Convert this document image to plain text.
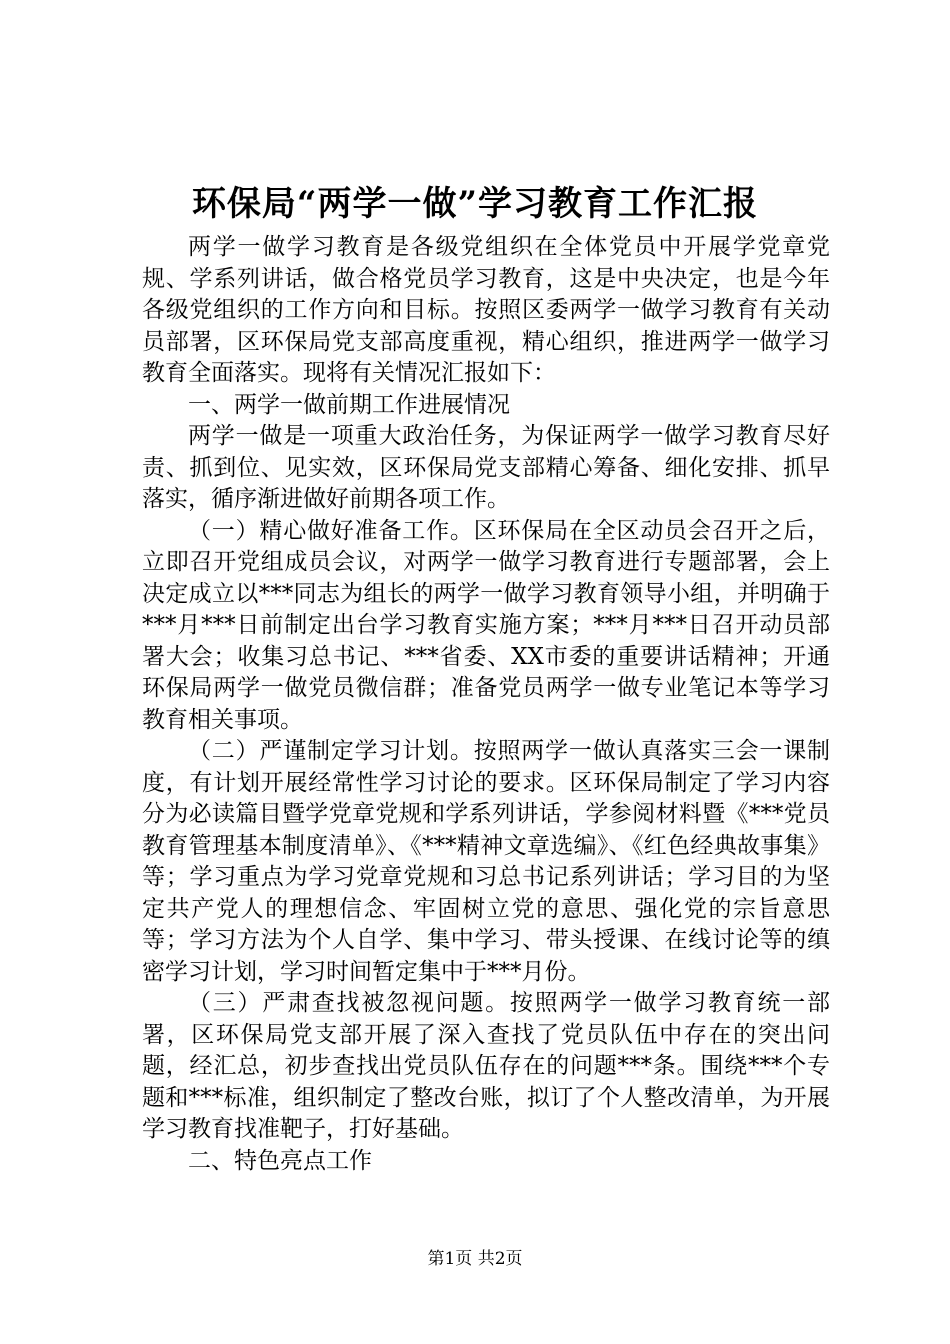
环保局“两学一做”学习教育工作汇报

两学一做学习教育是各级党组织在全体党员中开展学党章党规、学系列讲话，做合格党员学习教育，这是中央决定，也是今年各级党组织的工作方向和目标。按照区委两学一做学习教育有关动员部署，区环保局党支部高度重视，精心组织，推进两学一做学习教育全面落实。现将有关情况汇报如下：

一、两学一做前期工作进展情况

两学一做是一项重大政治任务，为保证两学一做学习教育尽好责、抓到位、见实效，区环保局党支部精心筹备、细化安排、抓早落实，循序渐进做好前期各项工作。

（一）精心做好准备工作。区环保局在全区动员会召开之后，立即召开党组成员会议，对两学一做学习教育进行专题部署，会上决定成立以***同志为组长的两学一做学习教育领导小组，并明确于***月***日前制定出台学习教育实施方案；***月***日召开动员部署大会；收集习总书记、***省委、XX市委的重要讲话精神；开通环保局两学一做党员微信群；准备党员两学一做专业笔记本等学习教育相关事项。

（二）严谨制定学习计划。按照两学一做认真落实三会一课制度，有计划开展经常性学习讨论的要求。区环保局制定了学习内容分为必读篇目暨学党章党规和学系列讲话，学参阅材料暨《***党员教育管理基本制度清单》、《***精神文章选编》、《红色经典故事集》等；学习重点为学习党章党规和习总书记系列讲话；学习目的为坚定共产党人的理想信念、牢固树立党的意思、强化党的宗旨意思等；学习方法为个人自学、集中学习、带头授课、在线讨论等的缜密学习计划，学习时间暂定集中于***月份。

（三）严肃查找被忽视问题。按照两学一做学习教育统一部署，区环保局党支部开展了深入查找了党员队伍中存在的突出问题，经汇总，初步查找出党员队伍存在的问题***条。围绕***个专题和***标准，组织制定了整改台账，拟订了个人整改清单，为开展学习教育找准靶子，打好基础。

二、特色亮点工作

第1页 共2页
